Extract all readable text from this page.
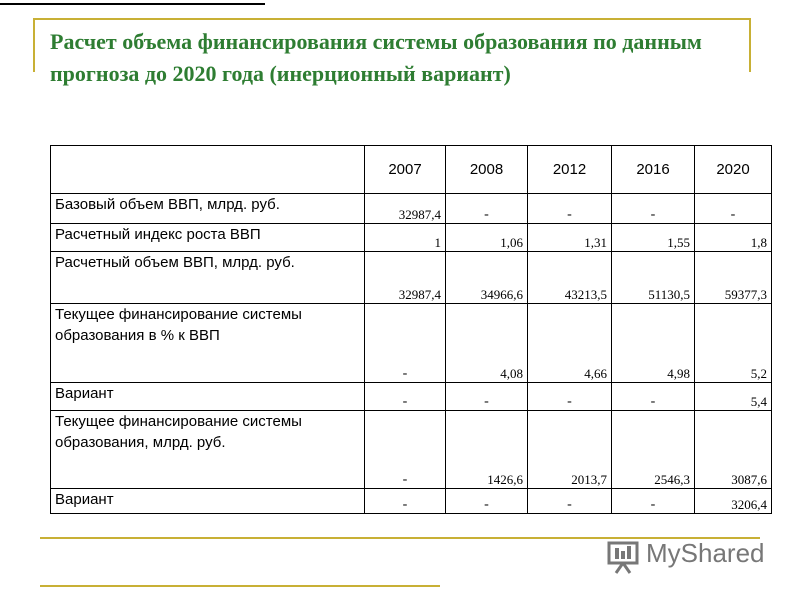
Расчет объема финансирования системы образования по данным прогноза до 2020 года (инерционный вариант)
	2007	2008	2012	2016	2020
Базовый объем ВВП, млрд. руб.	32987,4	-	-	-	-
Расчетный индекс роста ВВП	1	1,06	1,31	1,55	1,8
Расчетный объем ВВП, млрд. руб.	32987,4	34966,6	43213,5	51130,5	59377,3
Текущее финансирование системы образования в % к ВВП	-	4,08	4,66	4,98	5,2
Вариант	-	-	-	-	5,4
Текущее финансирование системы образования, млрд. руб.	-	1426,6	2013,7	2546,3	3087,6
Вариант	-	-	-	-	3206,4
MyShared
